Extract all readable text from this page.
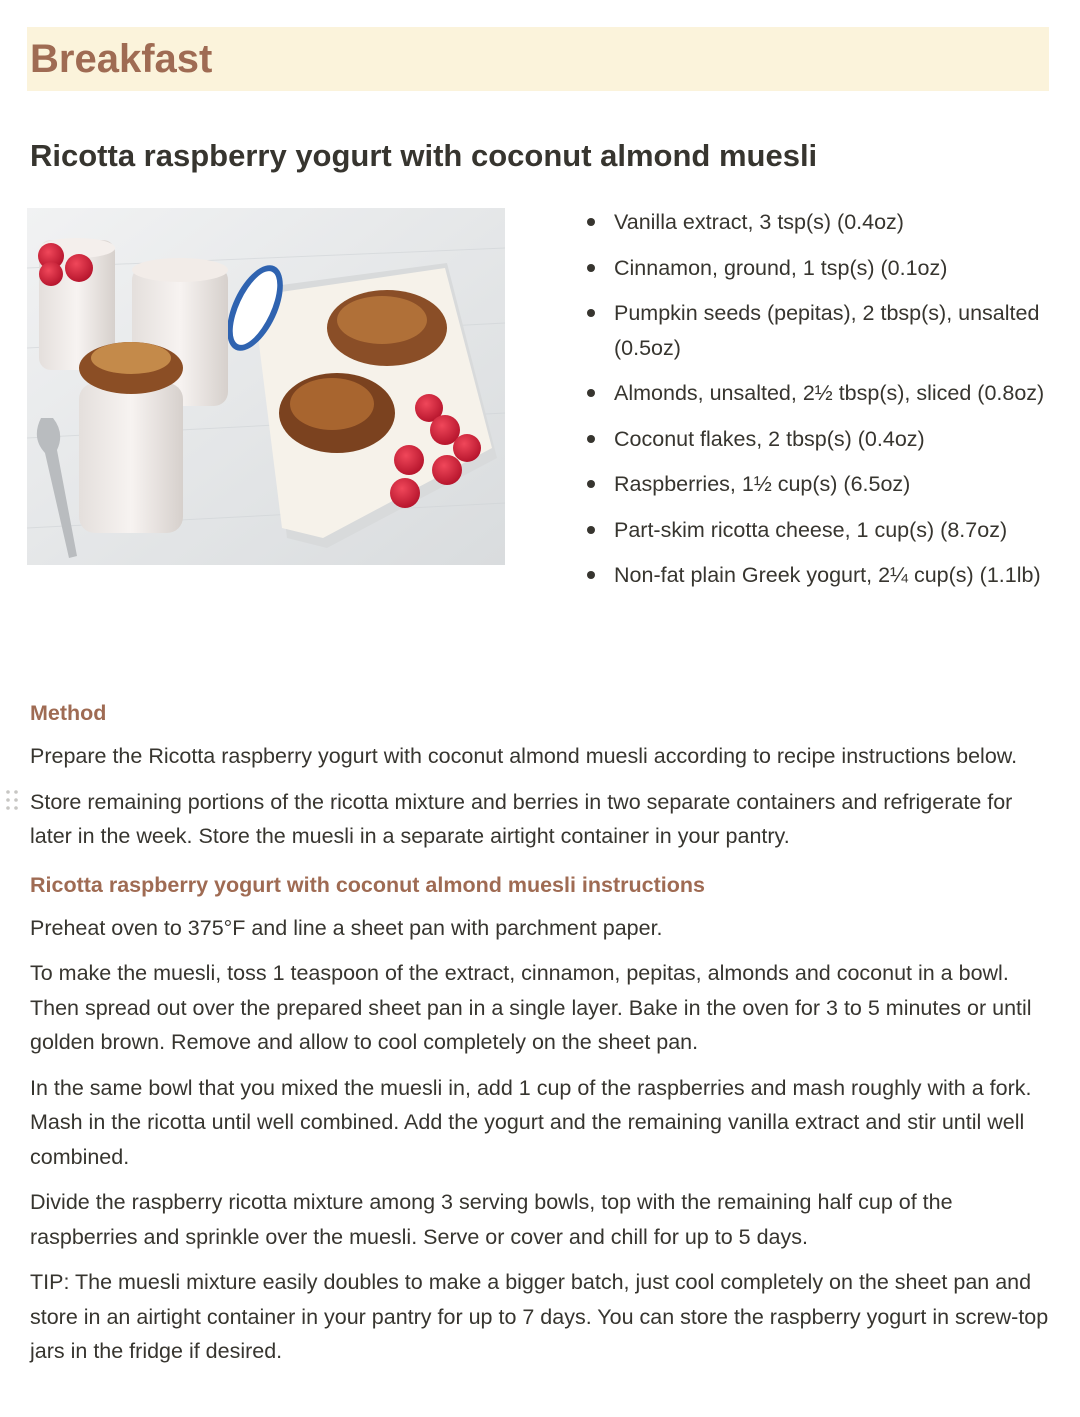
Breakfast
Ricotta raspberry yogurt with coconut almond muesli
Vanilla extract, 3 tsp(s) (0.4oz)
Cinnamon, ground, 1 tsp(s) (0.1oz)
Pumpkin seeds (pepitas), 2 tbsp(s), unsalted (0.5oz)
Almonds, unsalted, 2½ tbsp(s), sliced (0.8oz)
Coconut flakes, 2 tbsp(s) (0.4oz)
Raspberries, 1½ cup(s) (6.5oz)
Part-skim ricotta cheese, 1 cup(s) (8.7oz)
Non-fat plain Greek yogurt, 2¼ cup(s) (1.1lb)
Method

Prepare the Ricotta raspberry yogurt with coconut almond muesli according to recipe instructions below.

Store remaining portions of the ricotta mixture and berries in two separate containers and refrigerate for later in the week. Store the muesli in a separate airtight container in your pantry.
Ricotta raspberry yogurt with coconut almond muesli instructions

Preheat oven to 375°F and line a sheet pan with parchment paper.

To make the muesli, toss 1 teaspoon of the extract, cinnamon, pepitas, almonds and coconut in a bowl. Then spread out over the prepared sheet pan in a single layer. Bake in the oven for 3 to 5 minutes or until golden brown. Remove and allow to cool completely on the sheet pan.

In the same bowl that you mixed the muesli in, add 1 cup of the raspberries and mash roughly with a fork. Mash in the ricotta until well combined. Add the yogurt and the remaining vanilla extract and stir until well combined.

Divide the raspberry ricotta mixture among 3 serving bowls, top with the remaining half cup of the raspberries and sprinkle over the muesli. Serve or cover and chill for up to 5 days.

TIP: The muesli mixture easily doubles to make a bigger batch, just cool completely on the sheet pan and store in an airtight container in your pantry for up to 7 days. You can store the raspberry yogurt in screw-top jars in the fridge if desired.
